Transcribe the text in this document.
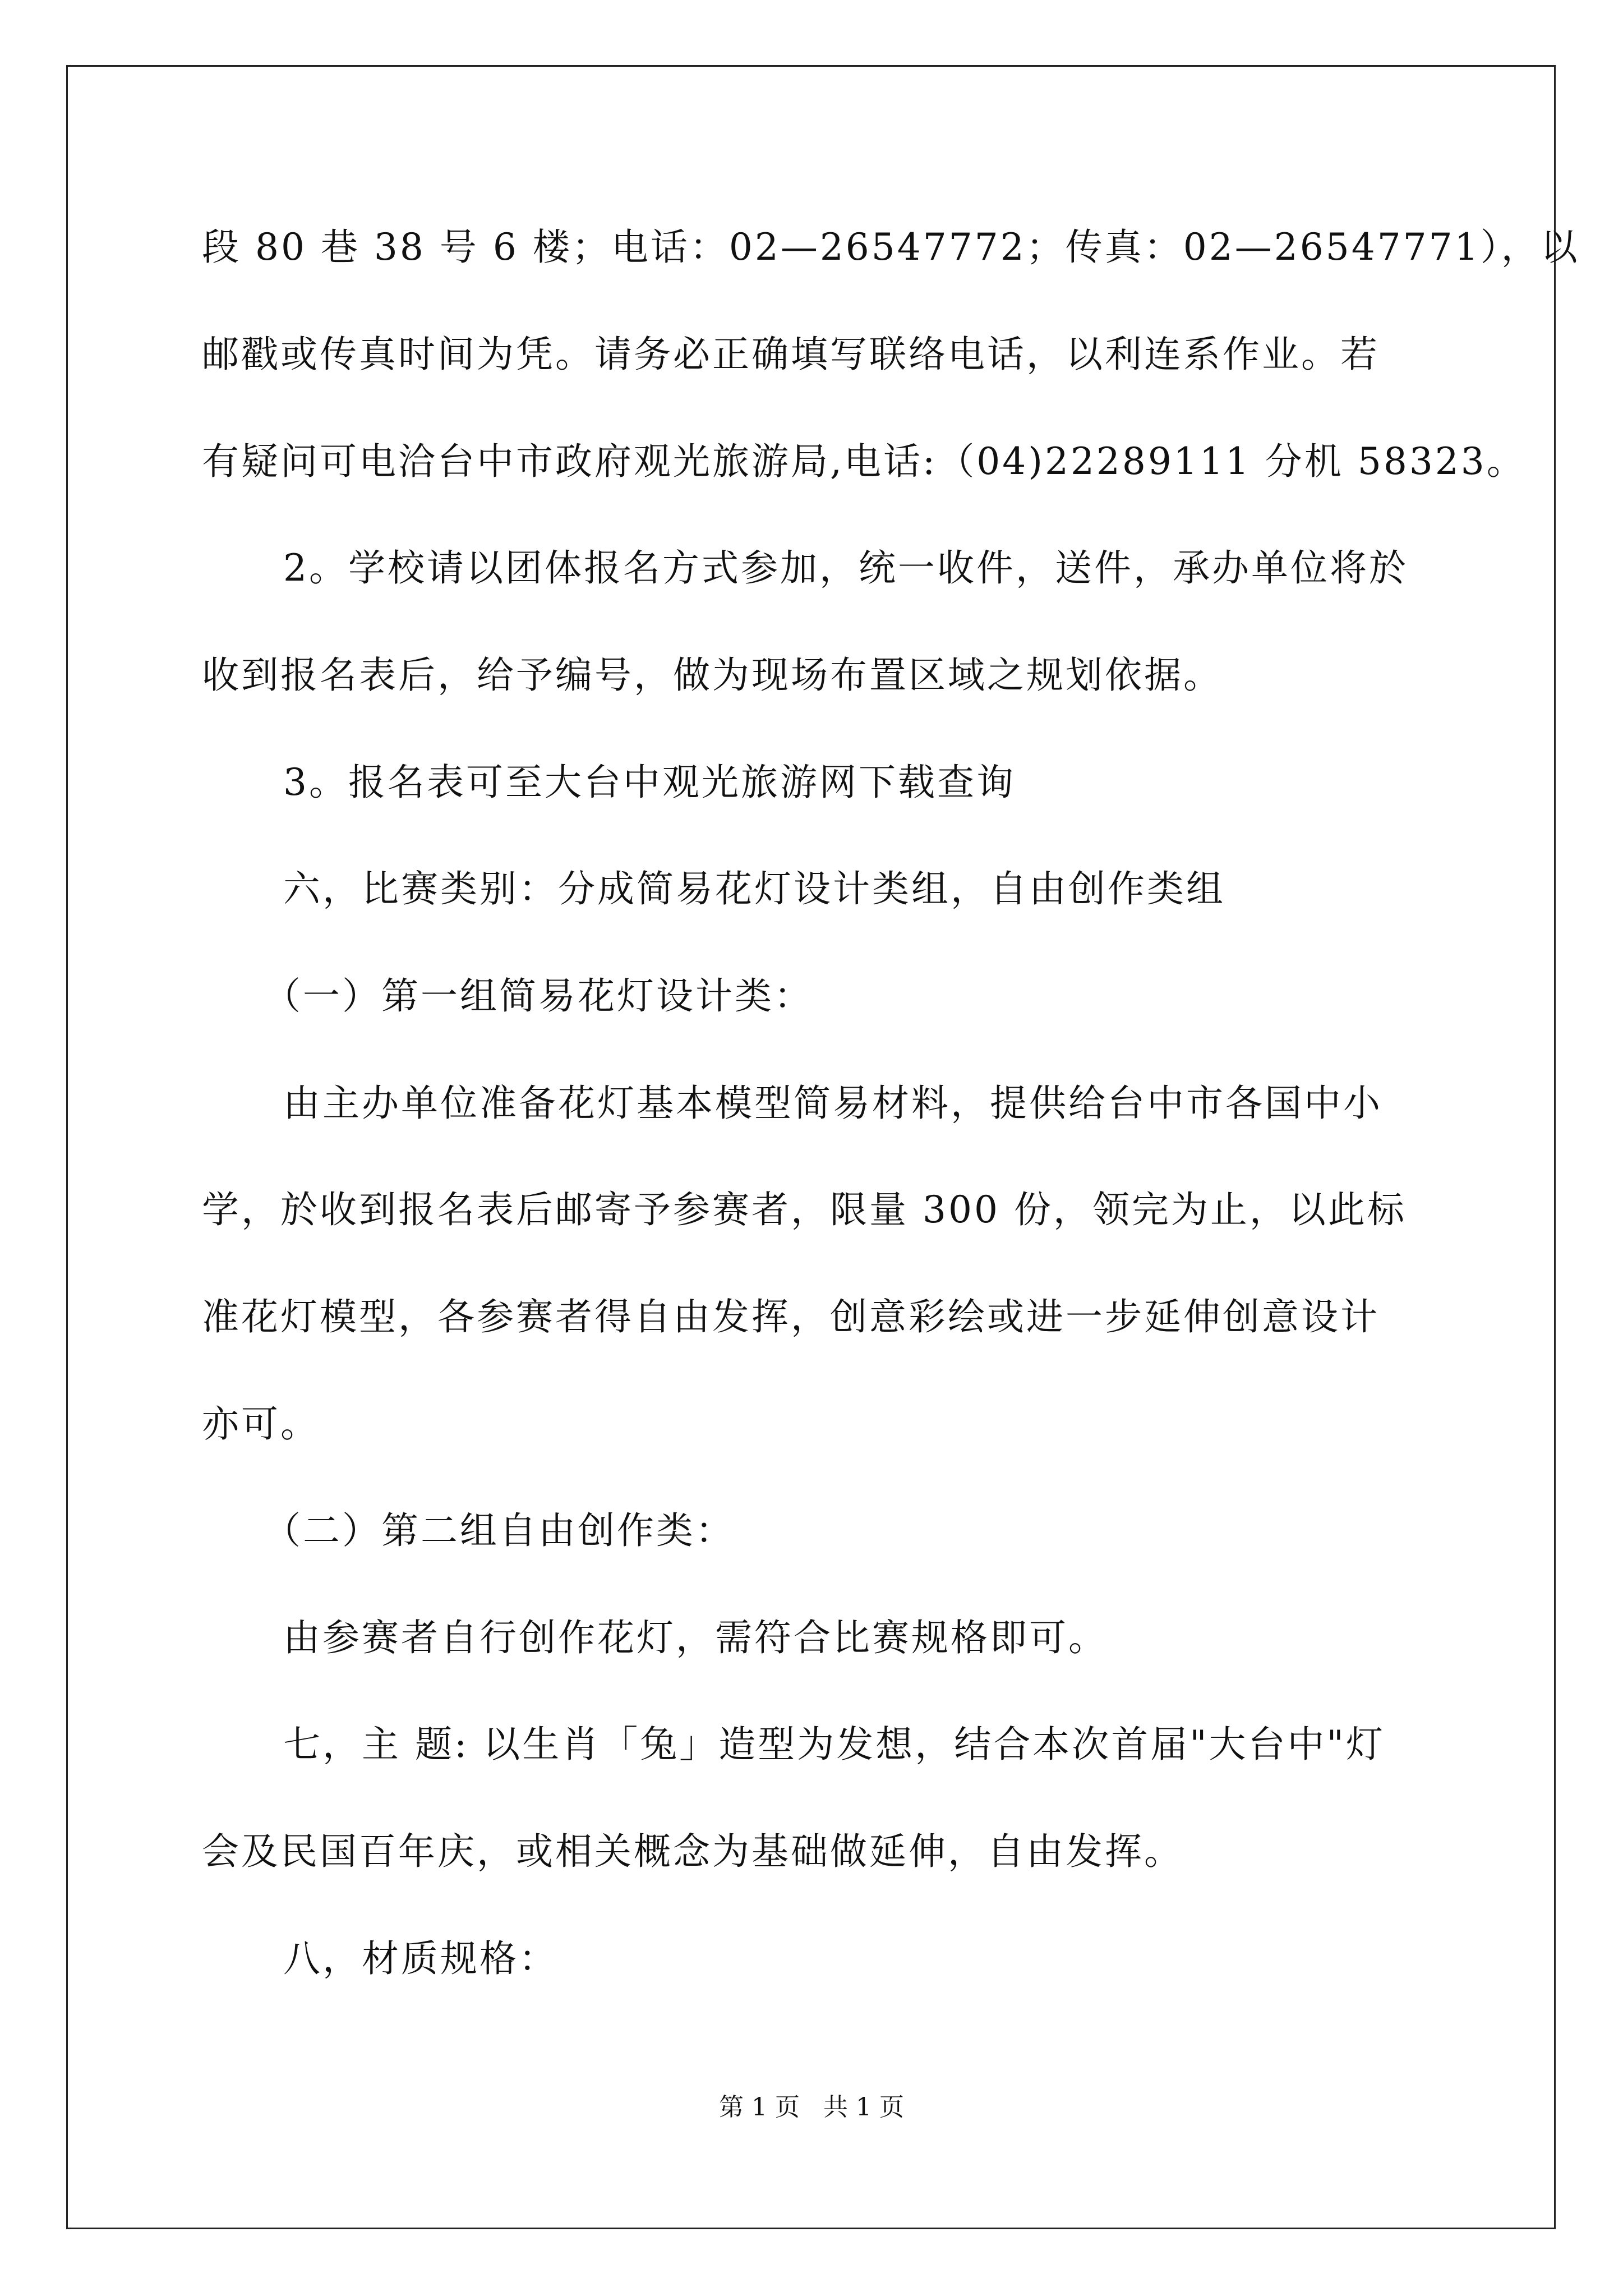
段 80 巷 38 号 6 楼；电话：02—26547772；传真：02—26547771），以
邮戳或传真时间为凭。请务必正确填写联络电话，以利连系作业。若
有疑问可电洽台中市政府观光旅游局,电话:（04)22289111 分机 58323。
2。学校请以团体报名方式参加，统一收件，送件，承办单位将於
收到报名表后，给予编号，做为现场布置区域之规划依据。
3。报名表可至大台中观光旅游网下载查询
六，比赛类别：分成简易花灯设计类组，自由创作类组
（一）第一组简易花灯设计类：
由主办单位准备花灯基本模型简易材料，提供给台中市各国中小
学，於收到报名表后邮寄予参赛者，限量 300 份，领完为止，以此标
准花灯模型，各参赛者得自由发挥，创意彩绘或进一步延伸创意设计
亦可。
（二）第二组自由创作类：
由参赛者自行创作花灯，需符合比赛规格即可。
七，主 题: 以生肖「兔」造型为发想，结合本次首届"大台中"灯
会及民国百年庆，或相关概念为基础做延伸，自由发挥。
八，材质规格：
第 1 页   共 1 页
